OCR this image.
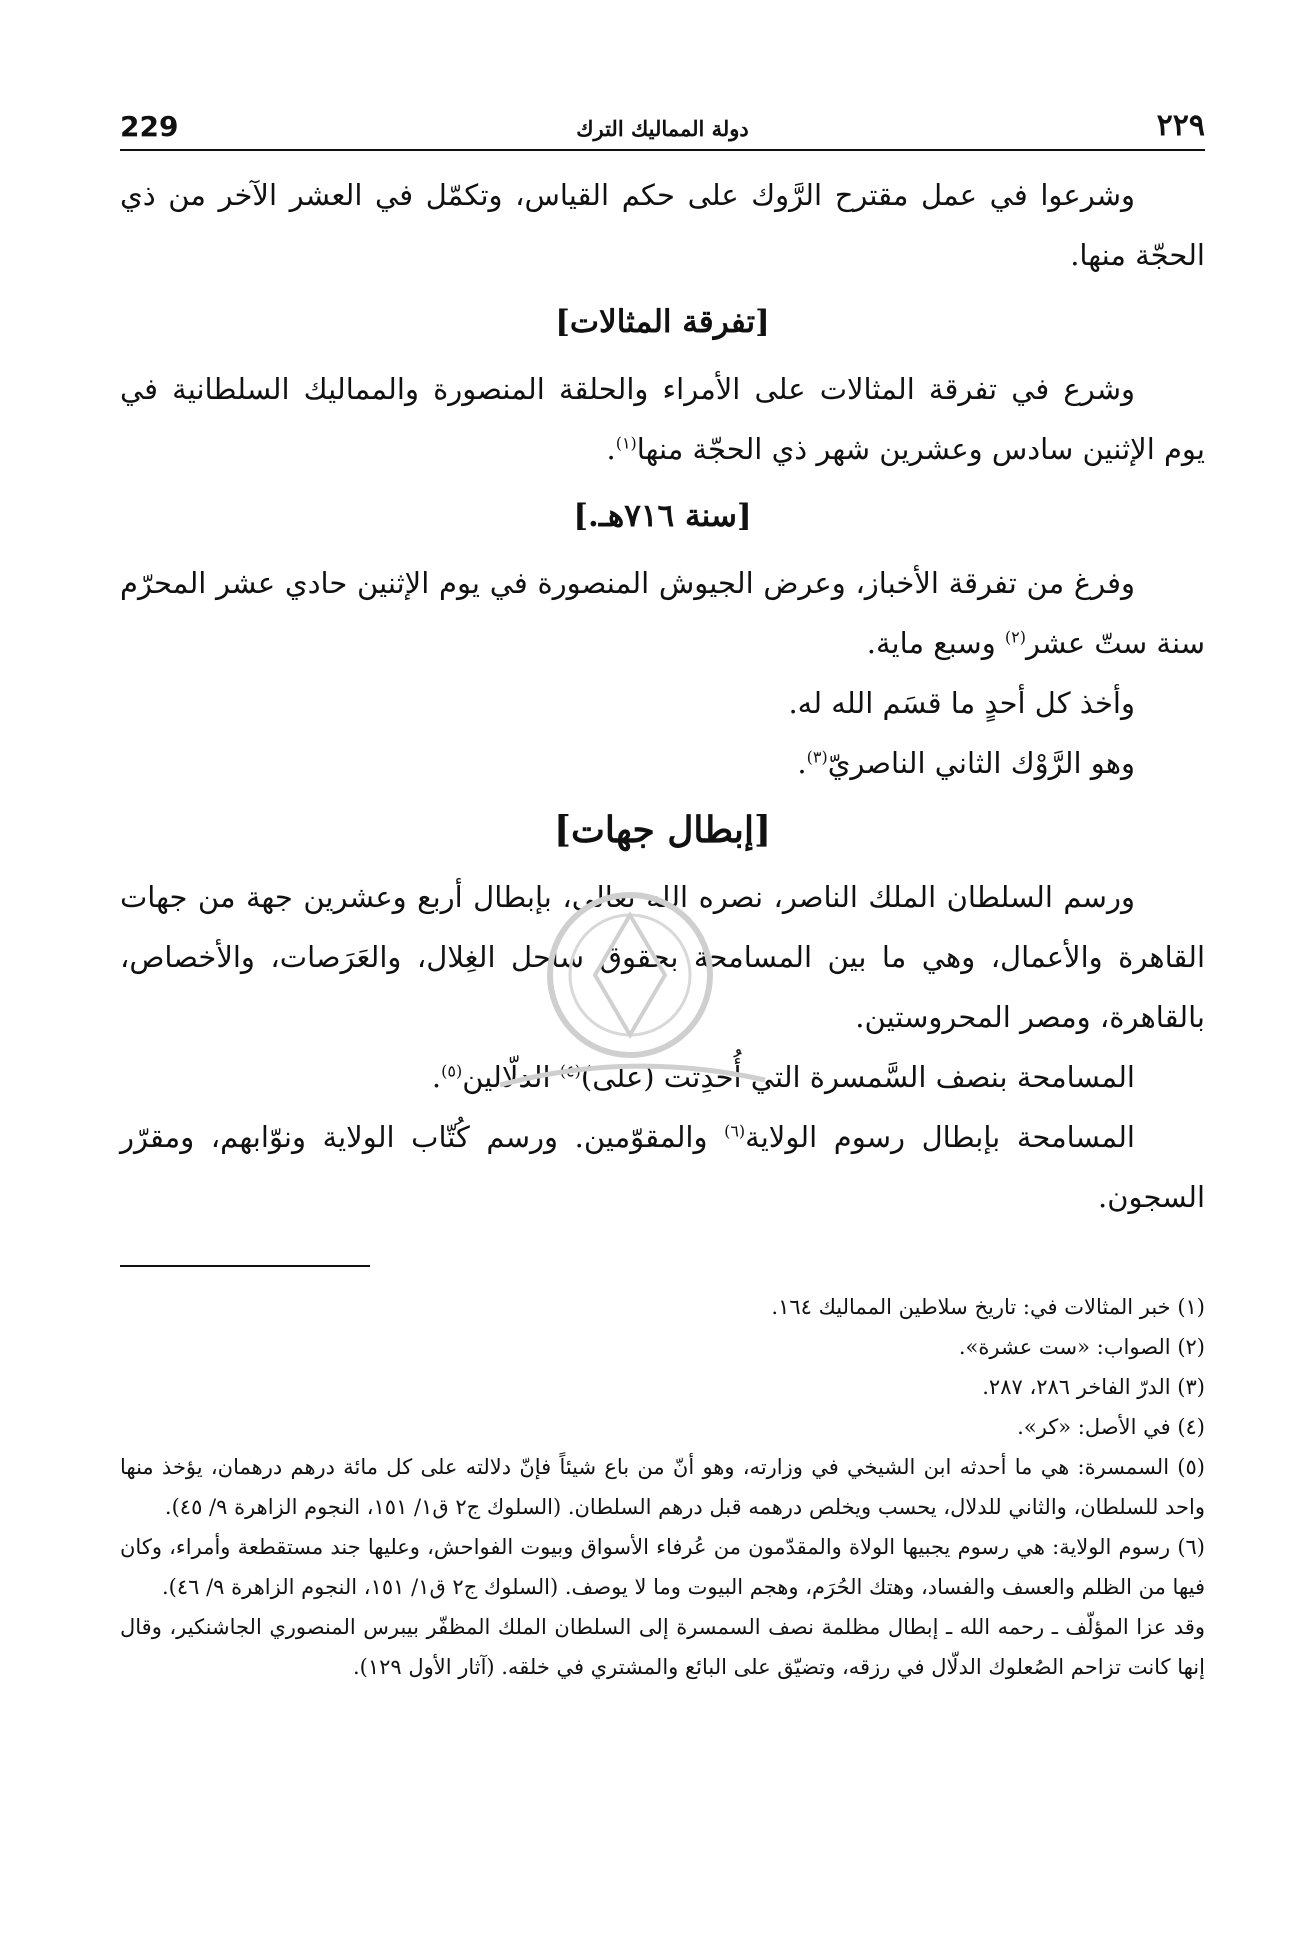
٢٢٩
229	دولة المماليك الترك

وشرعوا في عمل مقترح الرَّوك على حكم القياس، وتكمّل في العشر الآخر من ذي الحجّة منها.

[تفرقة المثالات]

وشرع في تفرقة المثالات على الأمراء والحلقة المنصورة والمماليك السلطانية في يوم الإثنين سادس وعشرين شهر ذي الحجّة منها$^{(١)}$.

[سنة ٧١٦هـ.]

وفرغ من تفرقة الأخباز، وعرض الجيوش المنصورة في يوم الإثنين حادي عشر المحرّم سنة ستّ عشر$^{(٢)}$ وسبع ماية.

وأخذ كل أحدٍ ما قسَم الله له.

وهو الرَّوْك الثاني الناصريّ$^{(٣)}$.

[إبطال جهات]

ورسم السلطان الملك الناصر، نصره الله تعالى، بإبطال أربع وعشرين جهة من جهات القاهرة والأعمال، وهي ما بين المسامحة بحقوق ساحل الغِلال، والعَرَصات، والأخصاص، بالقاهرة، ومصر المحروستين.

المسامحة بنصف السَّمسرة التي أُحدِثت (على)$^{(٤)}$ الدلّالين$^{(٥)}$.

المسامحة بإبطال رسوم الولاية$^{(٦)}$ والمقوّمين. ورسم كُتّاب الولاية ونوّابهم، ومقرّر السجون.

(١) خبر المثالات في: تاريخ سلاطين المماليك ١٦٤.

(٢) الصواب: «ست عشرة».

(٣) الدرّ الفاخر ٢٨٦، ٢٨٧.

(٤) في الأصل: «كر».

(٥) السمسرة: هي ما أحدثه ابن الشيخي في وزارته، وهو أنّ من باع شيئاً فإنّ دلالته على كل مائة درهم درهمان، يؤخذ منها واحد للسلطان، والثاني للدلال، يحسب ويخلص درهمه قبل درهم السلطان. (السلوك ج٢ ق١/ ١٥١، النجوم الزاهرة ٩/ ٤٥).

(٦) رسوم الولاية: هي رسوم يجبيها الولاة والمقدّمون من عُرفاء الأسواق وبيوت الفواحش، وعليها جند مستقطعة وأمراء، وكان فيها من الظلم والعسف والفساد، وهتك الحُرَم، وهجم البيوت وما لا يوصف. (السلوك ج٢ ق١/ ١٥١، النجوم الزاهرة ٩/ ٤٦).

وقد عزا المؤلّف ـ رحمه الله ـ إبطال مظلمة نصف السمسرة إلى السلطان الملك المظفّر بيبرس المنصوري الجاشنكير، وقال إنها كانت تزاحم الصُعلوك الدلّال في رزقه، وتضيّق على البائع والمشتري في خلقه. (آثار الأول ١٢٩).
